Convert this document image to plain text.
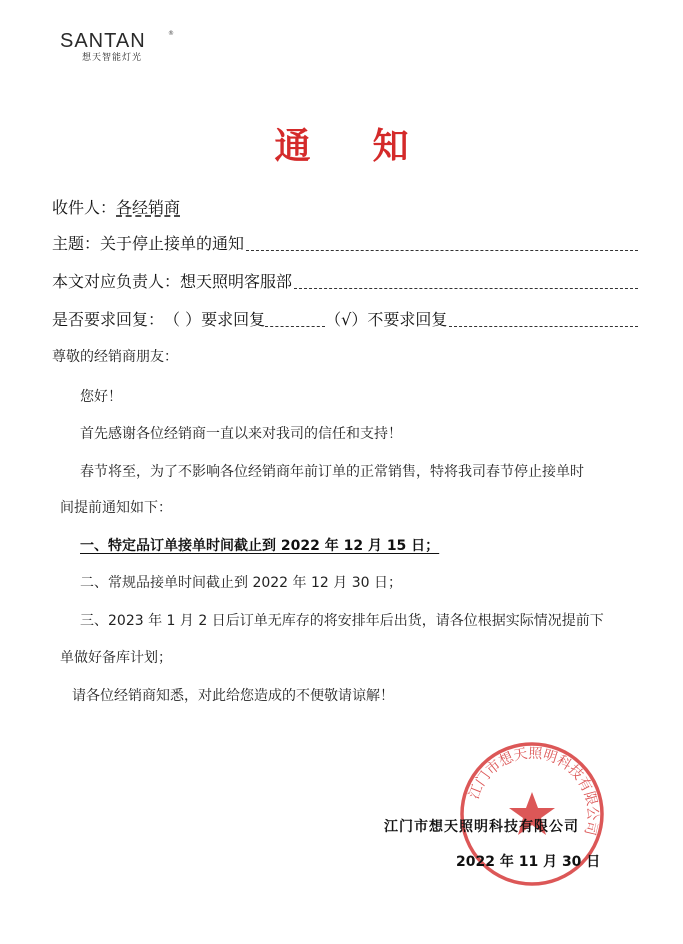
SANTAN	®
想天智能灯光
通知
收件人： 各经销商
主题： 关于停止接单的通知
本文对应负责人： 想天照明客服部
是否要求回复： （ ） 要求回复	（√） 不要求回复
尊敬的经销商朋友：
您好！
首先感谢各位经销商一直以来对我司的信任和支持！
春节将至，为了不影响各位经销商年前订单的正常销售，特将我司春节停止接单时
间提前通知如下：
一、特定品订单接单时间截止到 2022 年 12 月 15 日；
二、常规品接单时间截止到 2022 年 12 月 30 日；
三、2023 年 1 月 2 日后订单无库存的将安排年后出货，请各位根据实际情况提前下
单做好备库计划；
请各位经销商知悉，对此给您造成的不便敬请谅解！
江门市想天照明科技有限公司
江门市想天照明科技有限公司
2022 年 11 月 30 日
